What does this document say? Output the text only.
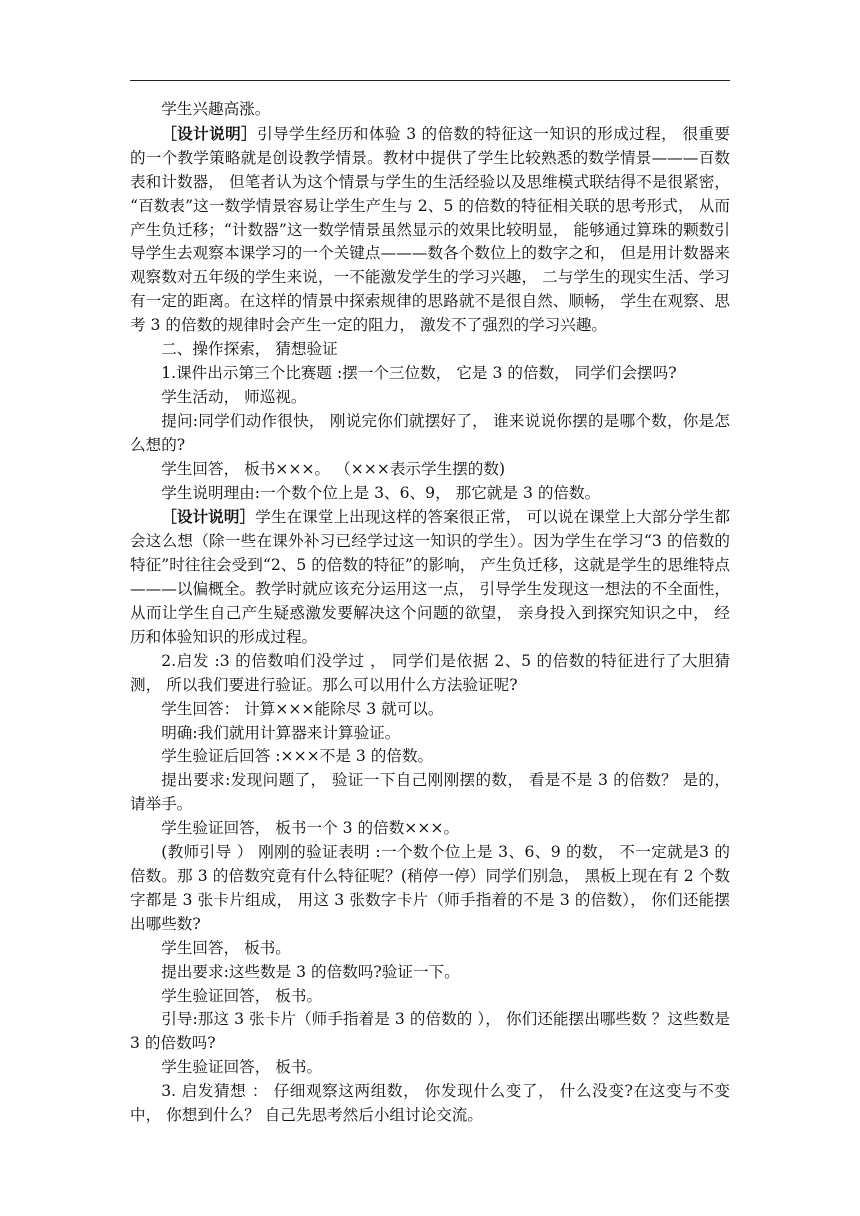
学生兴趣高涨。

［设计说明］引导学生经历和体验 3 的倍数的特征这一知识的形成过程， 很重要的一个教学策略就是创设教学情景。教材中提供了学生比较熟悉的数学情景———百数表和计数器， 但笔者认为这个情景与学生的生活经验以及思维模式联结得不是很紧密， “百数表”这一数学情景容易让学生产生与 2、5 的倍数的特征相关联的思考形式， 从而产生负迁移；“计数器”这一数学情景虽然显示的效果比较明显， 能够通过算珠的颗数引导学生去观察本课学习的一个关键点———数各个数位上的数字之和， 但是用计数器来观察数对五年级的学生来说，一不能激发学生的学习兴趣， 二与学生的现实生活、学习有一定的距离。在这样的情景中探索规律的思路就不是很自然、顺畅， 学生在观察、思考 3 的倍数的规律时会产生一定的阻力， 激发不了强烈的学习兴趣。

二、操作探索， 猜想验证

1.课件出示第三个比赛题 :摆一个三位数， 它是 3 的倍数， 同学们会摆吗?

学生活动， 师巡视。

提问:同学们动作很快， 刚说完你们就摆好了， 谁来说说你摆的是哪个数，你是怎么想的?

学生回答， 板书×××。 （×××表示学生摆的数)

学生说明理由:一个数个位上是 3、6、9， 那它就是 3 的倍数。

［设计说明］学生在课堂上出现这样的答案很正常， 可以说在课堂上大部分学生都会这么想（除一些在课外补习已经学过这一知识的学生）。因为学生在学习“3 的倍数的特征”时往往会受到“2、5 的倍数的特征”的影响， 产生负迁移，这就是学生的思维特点———以偏概全。教学时就应该充分运用这一点， 引导学生发现这一想法的不全面性， 从而让学生自己产生疑惑激发要解决这个问题的欲望， 亲身投入到探究知识之中， 经历和体验知识的形成过程。

2.启发 :3 的倍数咱们没学过 ， 同学们是依据 2、5 的倍数的特征进行了大胆猜测， 所以我们要进行验证。那么可以用什么方法验证呢?

学生回答： 计算×××能除尽 3 就可以。

明确:我们就用计算器来计算验证。

学生验证后回答 :×××不是 3 的倍数。

提出要求:发现问题了， 验证一下自己刚刚摆的数， 看是不是 3 的倍数？ 是的， 请举手。

学生验证回答， 板书一个 3 的倍数×××。

(教师引导 ） 刚刚的验证表明 :一个数个位上是 3、6、9 的数， 不一定就是3 的倍数。那 3 的倍数究竟有什么特征呢？(稍停一停）同学们别急， 黑板上现在有 2 个数字都是 3 张卡片组成， 用这 3 张数字卡片（师手指着的不是 3 的倍数）， 你们还能摆出哪些数?

学生回答， 板书。

提出要求:这些数是 3 的倍数吗?验证一下。

学生验证回答， 板书。

引导:那这 3 张卡片（师手指着是 3 的倍数的 ）， 你们还能摆出哪些数 ？这些数是 3 的倍数吗?

学生验证回答， 板书。

3. 启发猜想 ： 仔细观察这两组数， 你发现什么变了， 什么没变?在这变与不变中， 你想到什么？ 自己先思考然后小组讨论交流。
